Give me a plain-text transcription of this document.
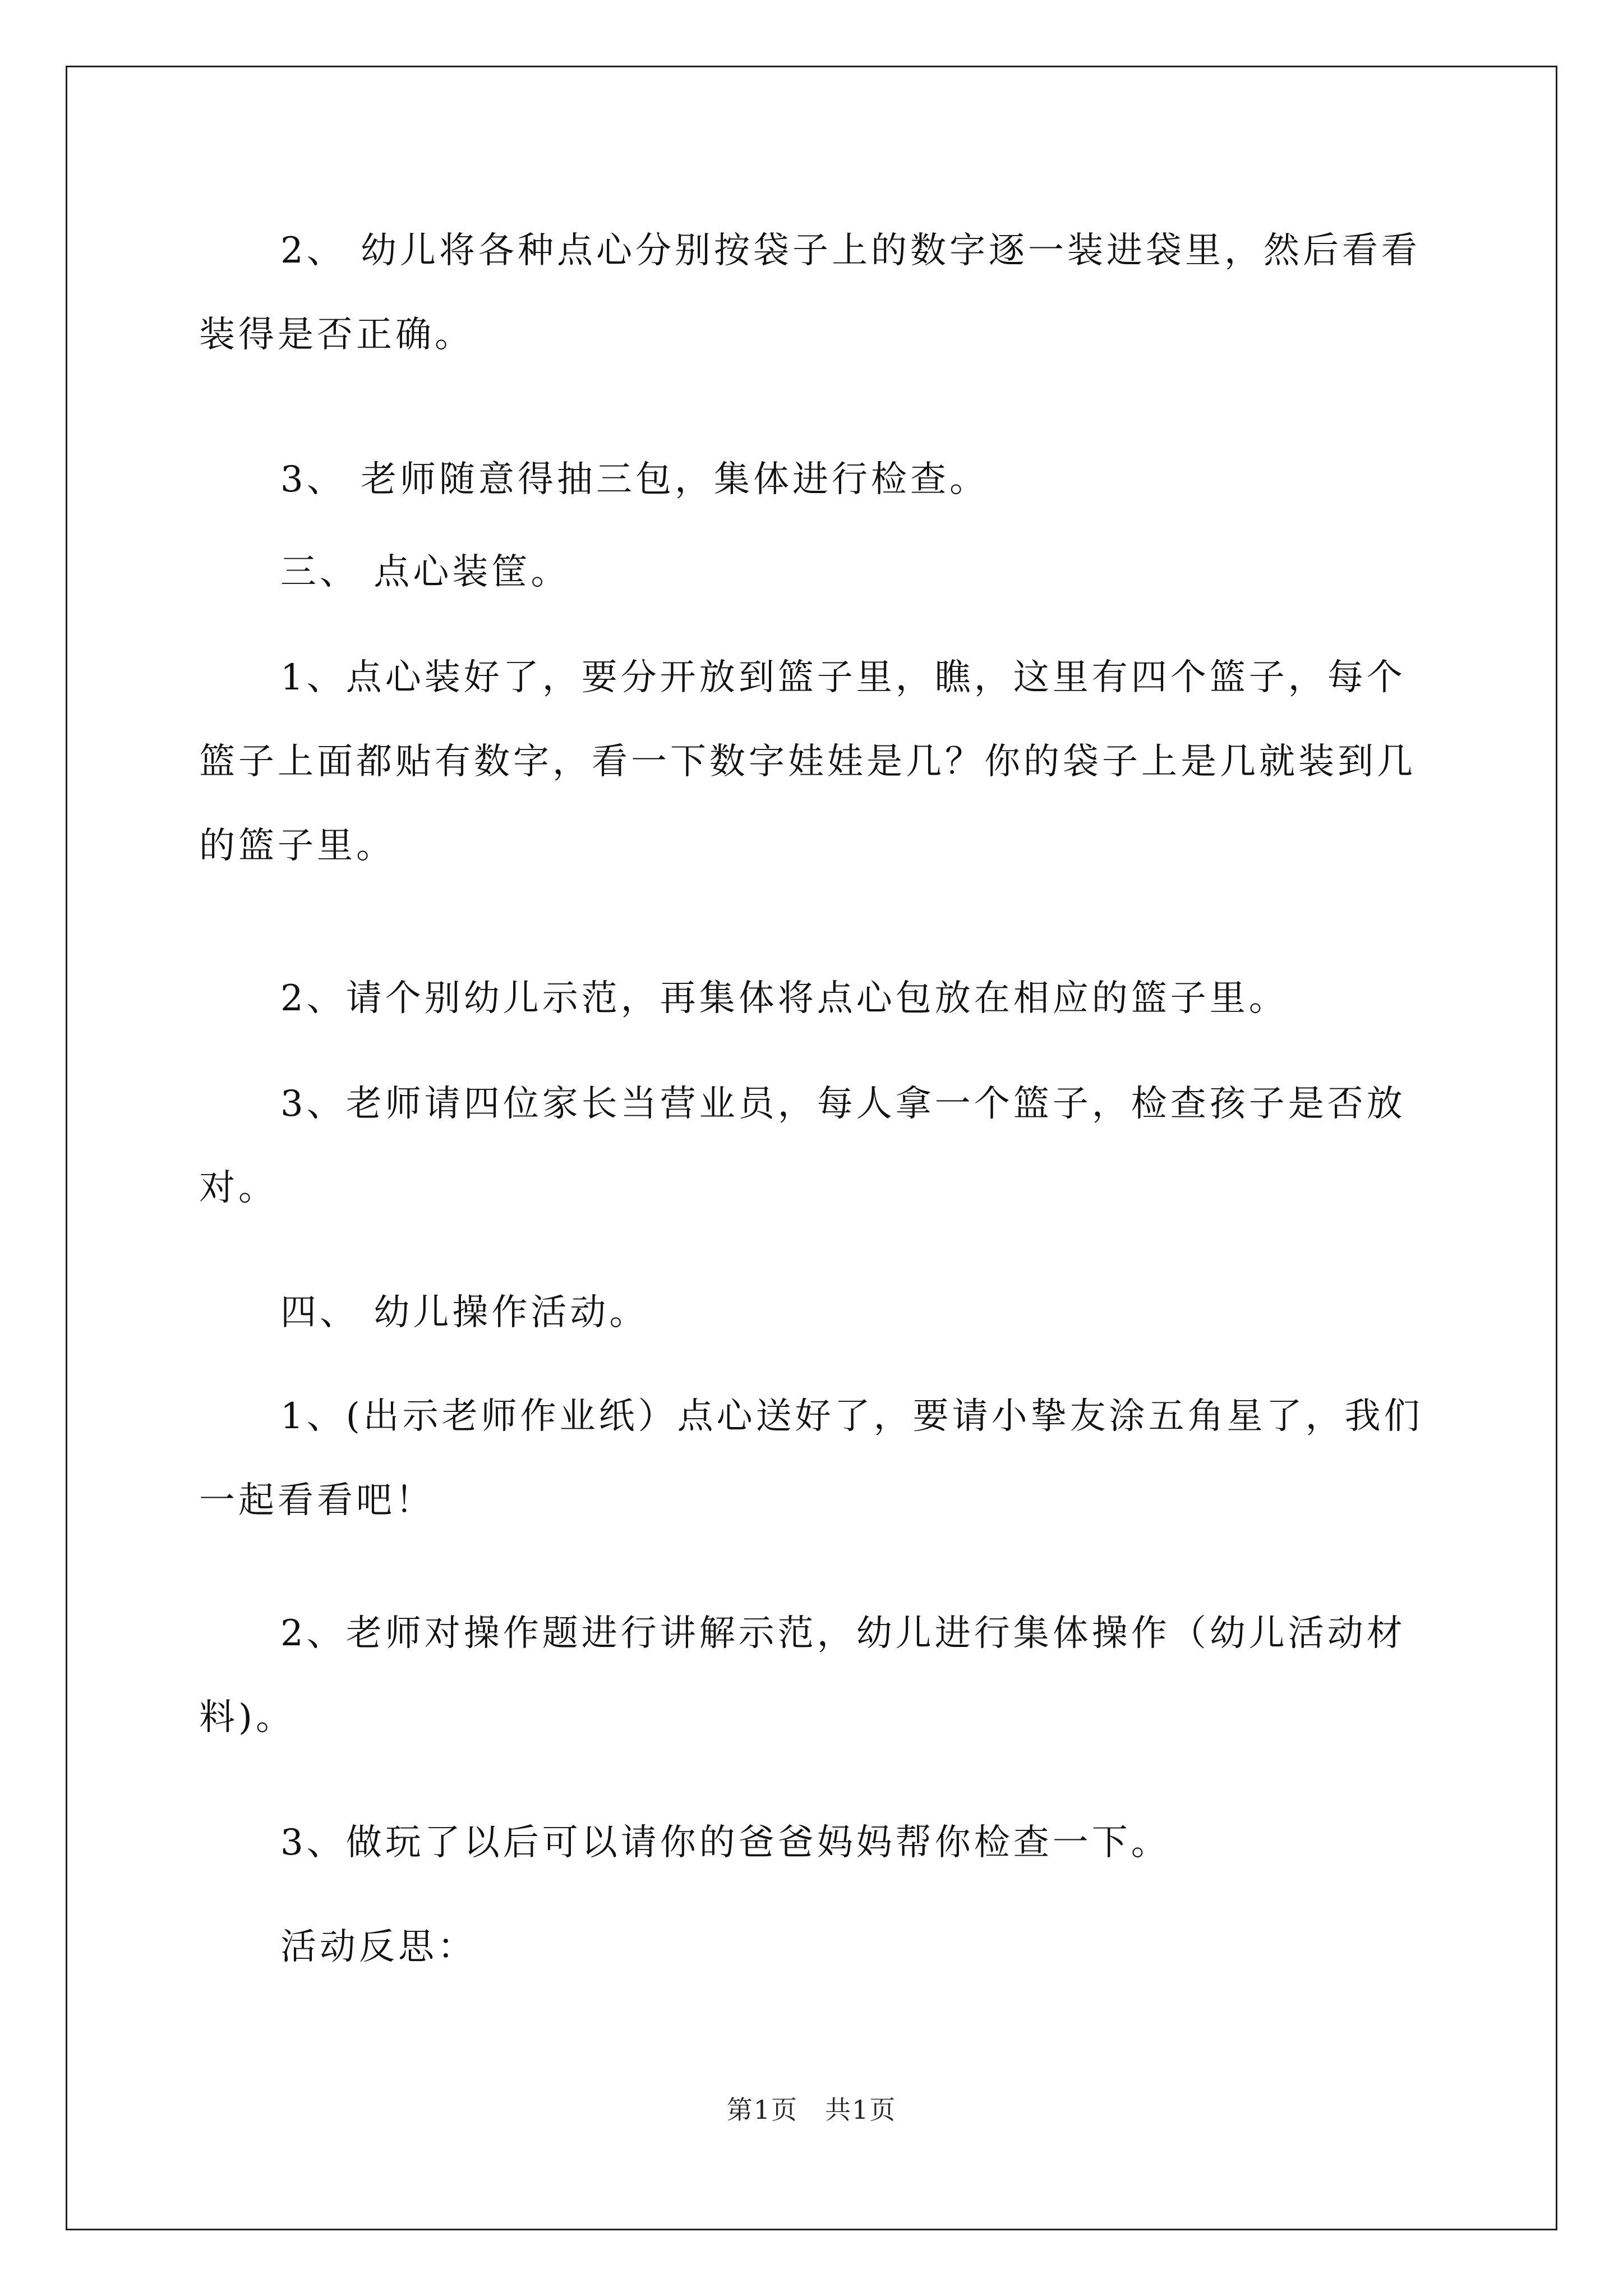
2、 幼儿将各种点心分别按袋子上的数字逐一装进袋里，然后看看装得是否正确。

3、 老师随意得抽三包，集体进行检查。

三、 点心装筐。

1、点心装好了，要分开放到篮子里，瞧，这里有四个篮子，每个篮子上面都贴有数字，看一下数字娃娃是几？你的袋子上是几就装到几的篮子里。

2、请个别幼儿示范，再集体将点心包放在相应的篮子里。

3、老师请四位家长当营业员，每人拿一个篮子，检查孩子是否放对。

四、 幼儿操作活动。

1、(出示老师作业纸）点心送好了，要请小挚友涂五角星了，我们一起看看吧！

2、老师对操作题进行讲解示范，幼儿进行集体操作（幼儿活动材料)。

3、做玩了以后可以请你的爸爸妈妈帮你检查一下。

活动反思：

第1页　共1页
